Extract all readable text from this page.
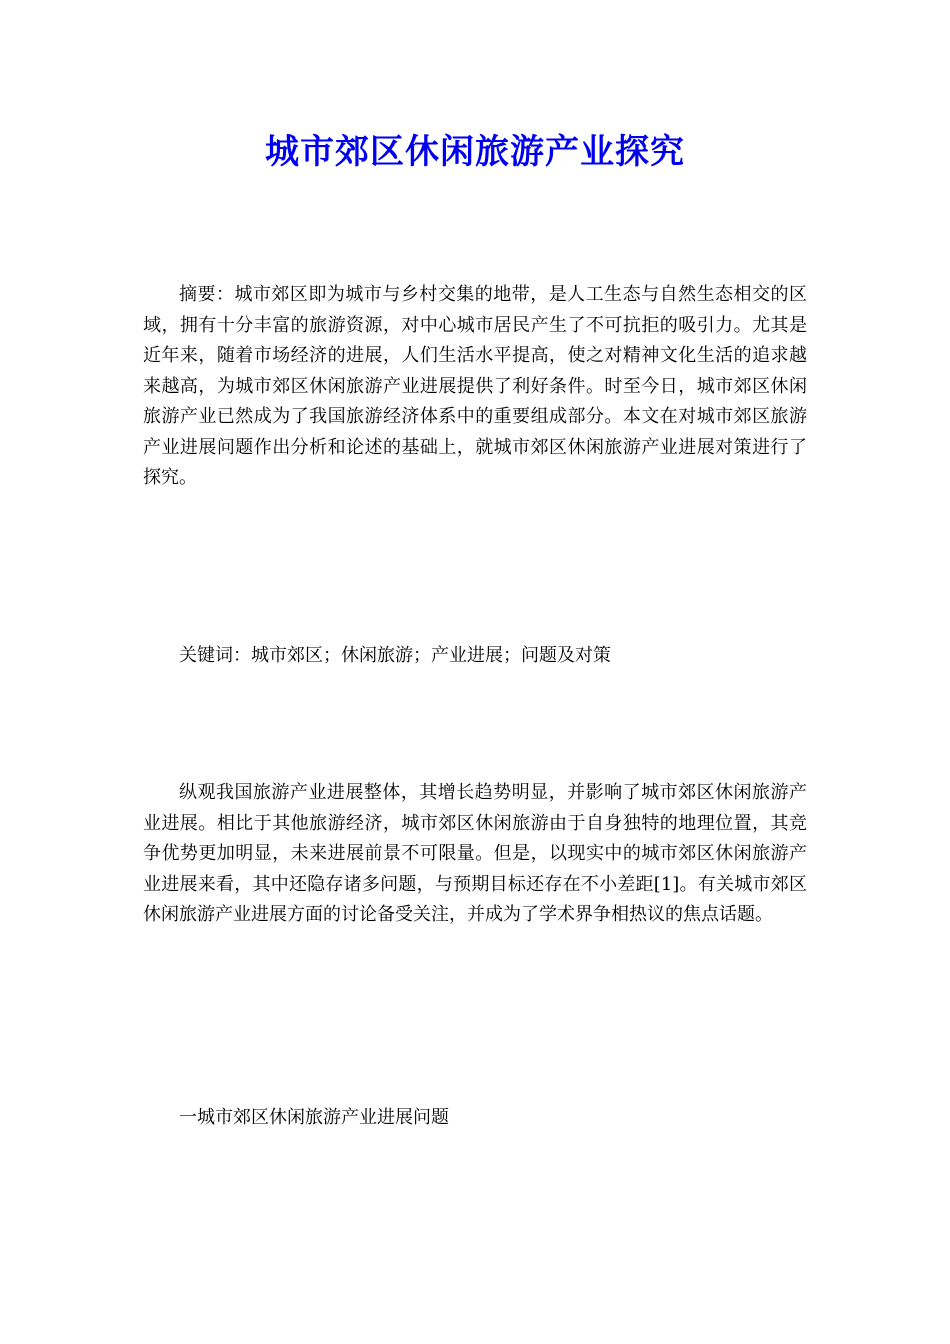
城市郊区休闲旅游产业探究

摘要：城市郊区即为城市与乡村交集的地带，是人工生态与自然生态相交的区域，拥有十分丰富的旅游资源，对中心城市居民产生了不可抗拒的吸引力。尤其是近年来，随着市场经济的进展，人们生活水平提高，使之对精神文化生活的追求越来越高，为城市郊区休闲旅游产业进展提供了利好条件。时至今日，城市郊区休闲旅游产业已然成为了我国旅游经济体系中的重要组成部分。本文在对城市郊区旅游产业进展问题作出分析和论述的基础上，就城市郊区休闲旅游产业进展对策进行了探究。

关键词：城市郊区；休闲旅游；产业进展；问题及对策

纵观我国旅游产业进展整体，其增长趋势明显，并影响了城市郊区休闲旅游产业进展。相比于其他旅游经济，城市郊区休闲旅游由于自身独特的地理位置，其竞争优势更加明显，未来进展前景不可限量。但是，以现实中的城市郊区休闲旅游产业进展来看，其中还隐存诸多问题，与预期目标还存在不小差距[1]。有关城市郊区休闲旅游产业进展方面的讨论备受关注，并成为了学术界争相热议的焦点话题。

一城市郊区休闲旅游产业进展问题
